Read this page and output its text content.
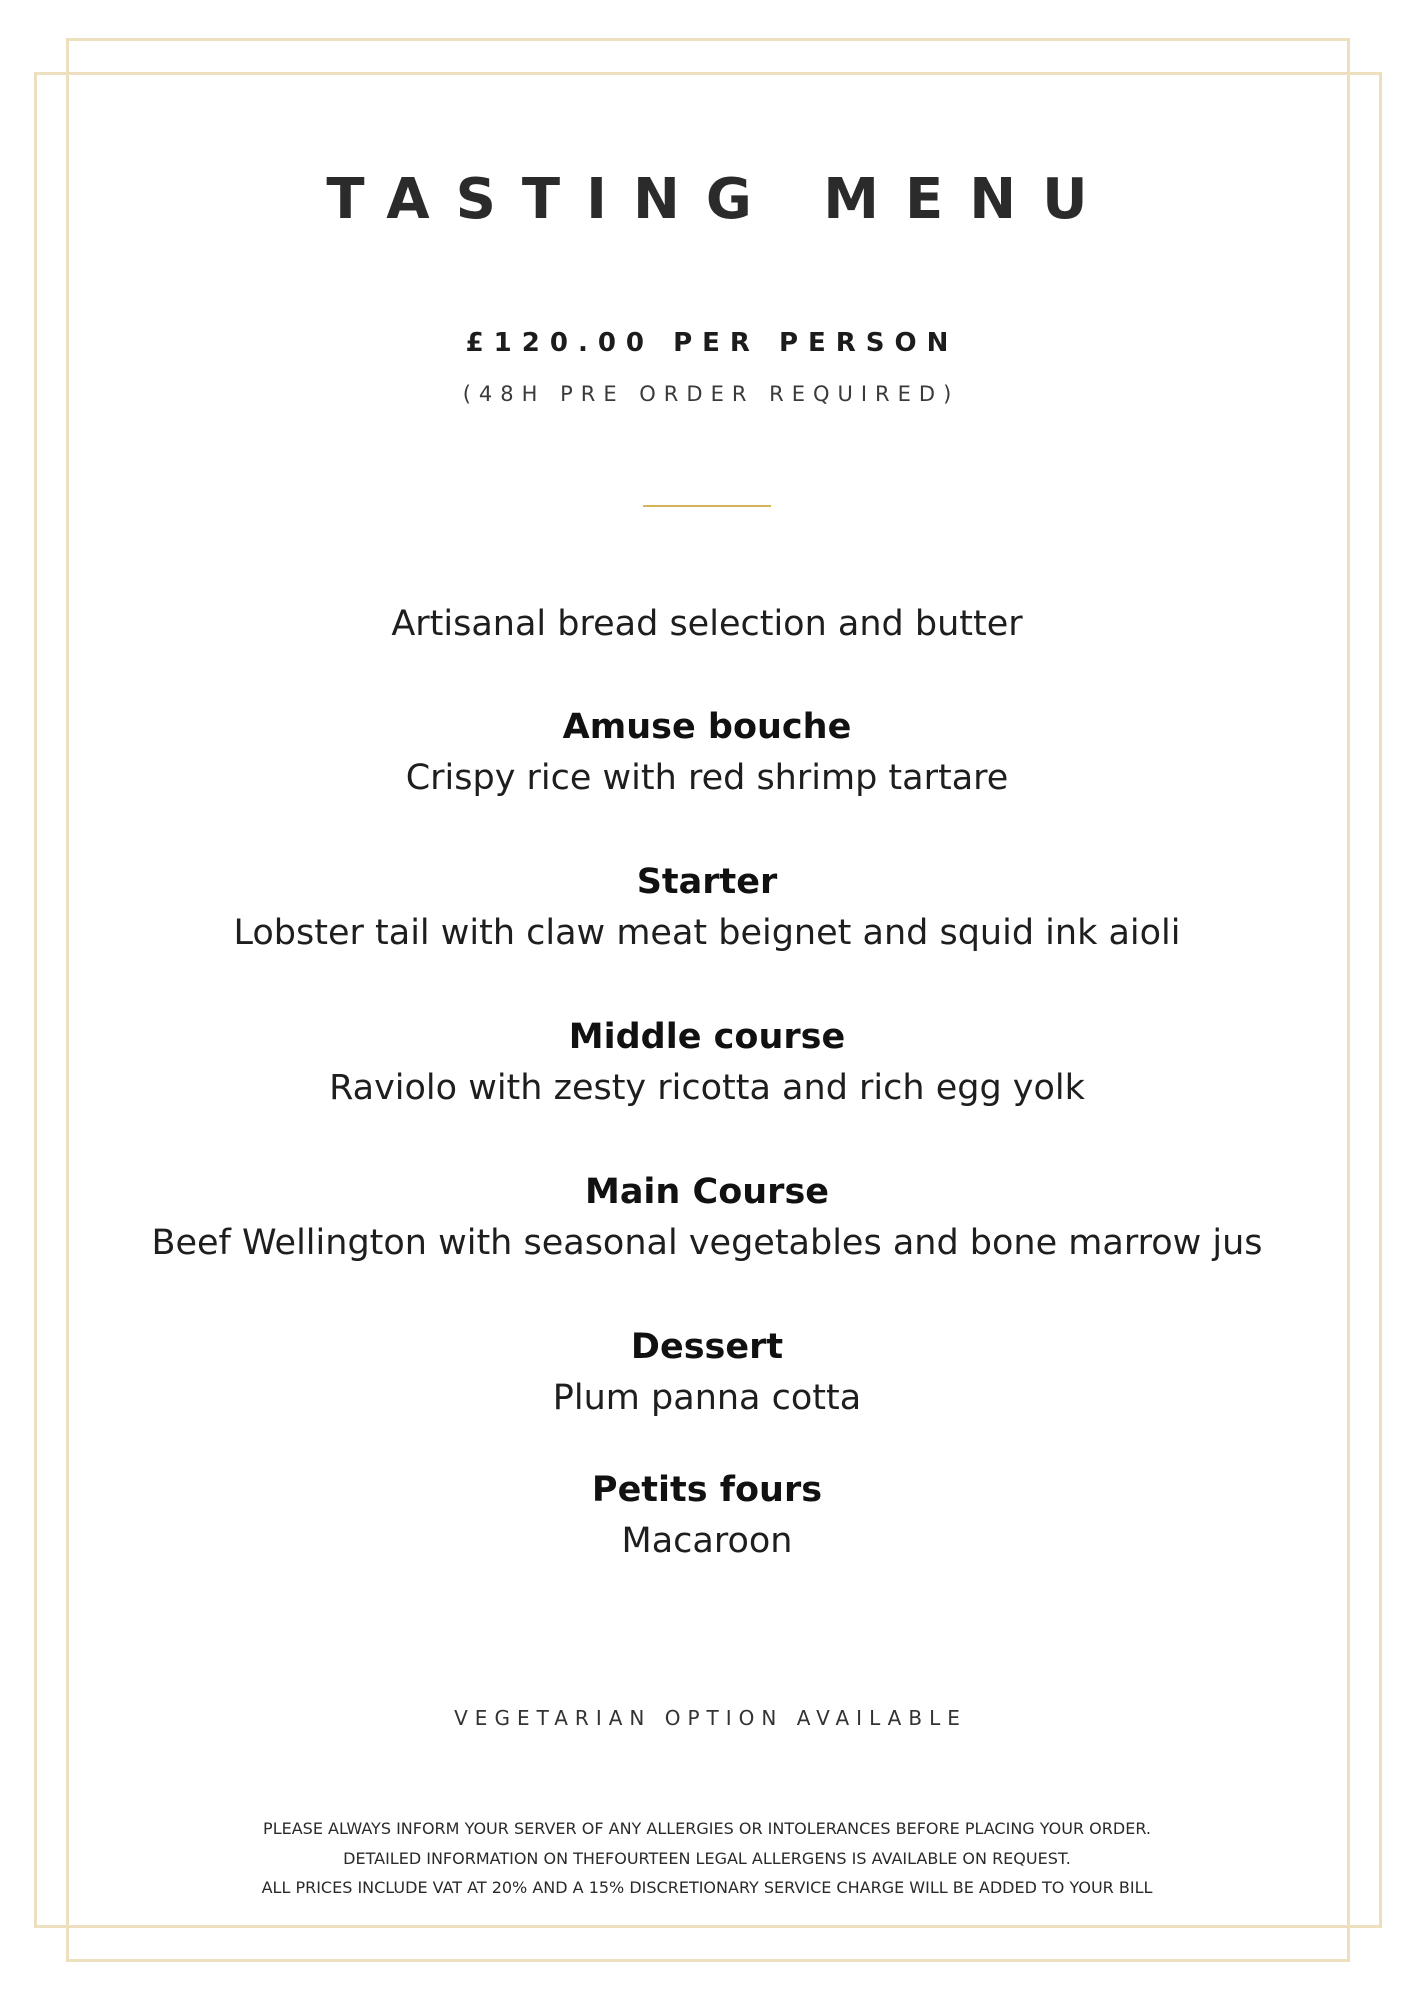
TASTING MENU
£120.00 PER PERSON
(48H PRE ORDER REQUIRED)
Artisanal bread selection and butter
Amuse bouche
Crispy rice with red shrimp tartare
Starter
Lobster tail with claw meat beignet and squid ink aioli
Middle course
Raviolo with zesty ricotta and rich egg yolk
Main Course
Beef Wellington with seasonal vegetables and bone marrow jus
Dessert
Plum panna cotta
Petits fours
Macaroon
VEGETARIAN OPTION AVAILABLE
PLEASE ALWAYS INFORM YOUR SERVER OF ANY ALLERGIES OR INTOLERANCES BEFORE PLACING YOUR ORDER.
DETAILED INFORMATION ON THEFOURTEEN LEGAL ALLERGENS IS AVAILABLE ON REQUEST.
ALL PRICES INCLUDE VAT AT 20% AND A 15% DISCRETIONARY SERVICE CHARGE WILL BE ADDED TO YOUR BILL
